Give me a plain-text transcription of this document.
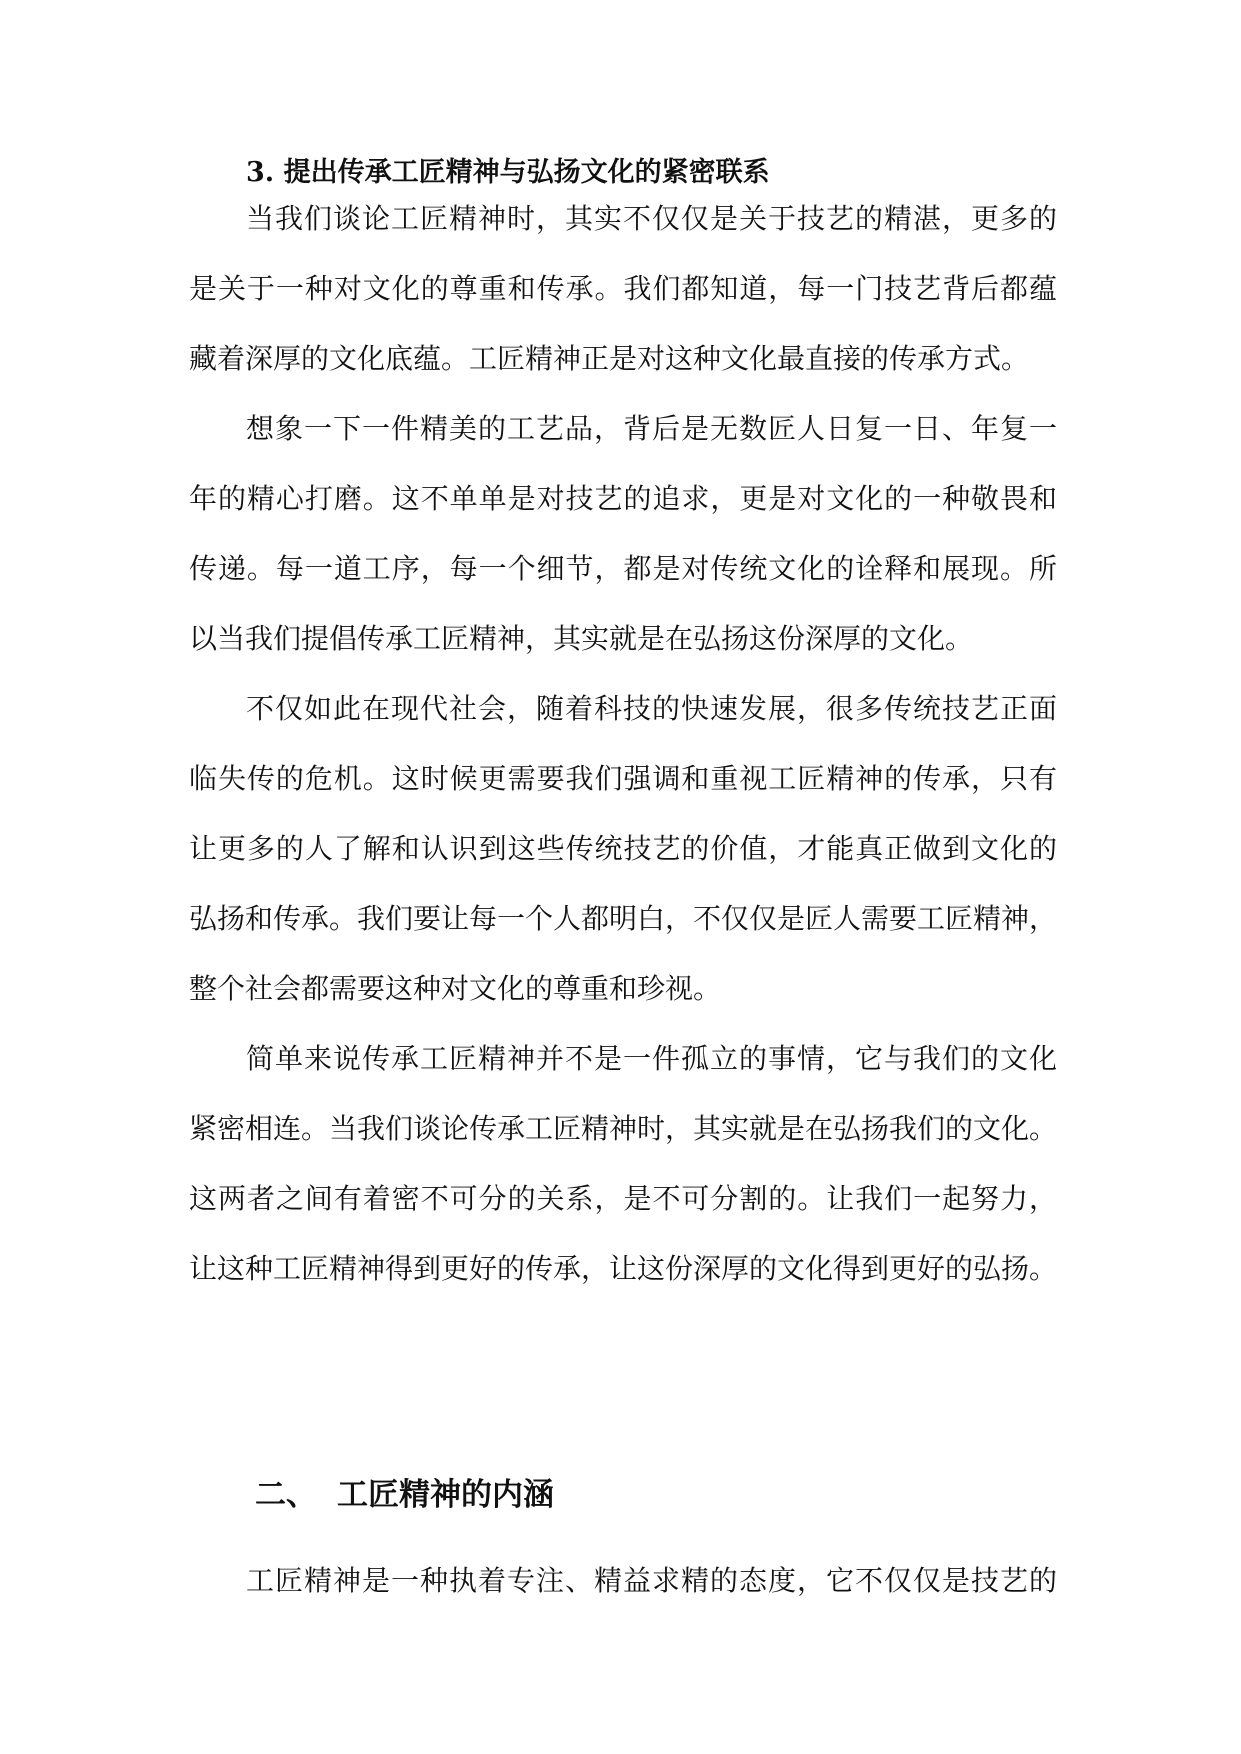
3. 提出传承工匠精神与弘扬文化的紧密联系
当我们谈论工匠精神时，其实不仅仅是关于技艺的精湛，更多的
是关于一种对文化的尊重和传承。我们都知道，每一门技艺背后都蕴
藏着深厚的文化底蕴。工匠精神正是对这种文化最直接的传承方式。
想象一下一件精美的工艺品，背后是无数匠人日复一日、年复一
年的精心打磨。这不单单是对技艺的追求，更是对文化的一种敬畏和
传递。每一道工序，每一个细节，都是对传统文化的诠释和展现。所
以当我们提倡传承工匠精神，其实就是在弘扬这份深厚的文化。
不仅如此在现代社会，随着科技的快速发展，很多传统技艺正面
临失传的危机。这时候更需要我们强调和重视工匠精神的传承，只有
让更多的人了解和认识到这些传统技艺的价值，才能真正做到文化的
弘扬和传承。我们要让每一个人都明白，不仅仅是匠人需要工匠精神，
整个社会都需要这种对文化的尊重和珍视。
简单来说传承工匠精神并不是一件孤立的事情，它与我们的文化
紧密相连。当我们谈论传承工匠精神时，其实就是在弘扬我们的文化。
这两者之间有着密不可分的关系，是不可分割的。让我们一起努力，
让这种工匠精神得到更好的传承，让这份深厚的文化得到更好的弘扬。
二、 工匠精神的内涵
工匠精神是一种执着专注、精益求精的态度，它不仅仅是技艺的
